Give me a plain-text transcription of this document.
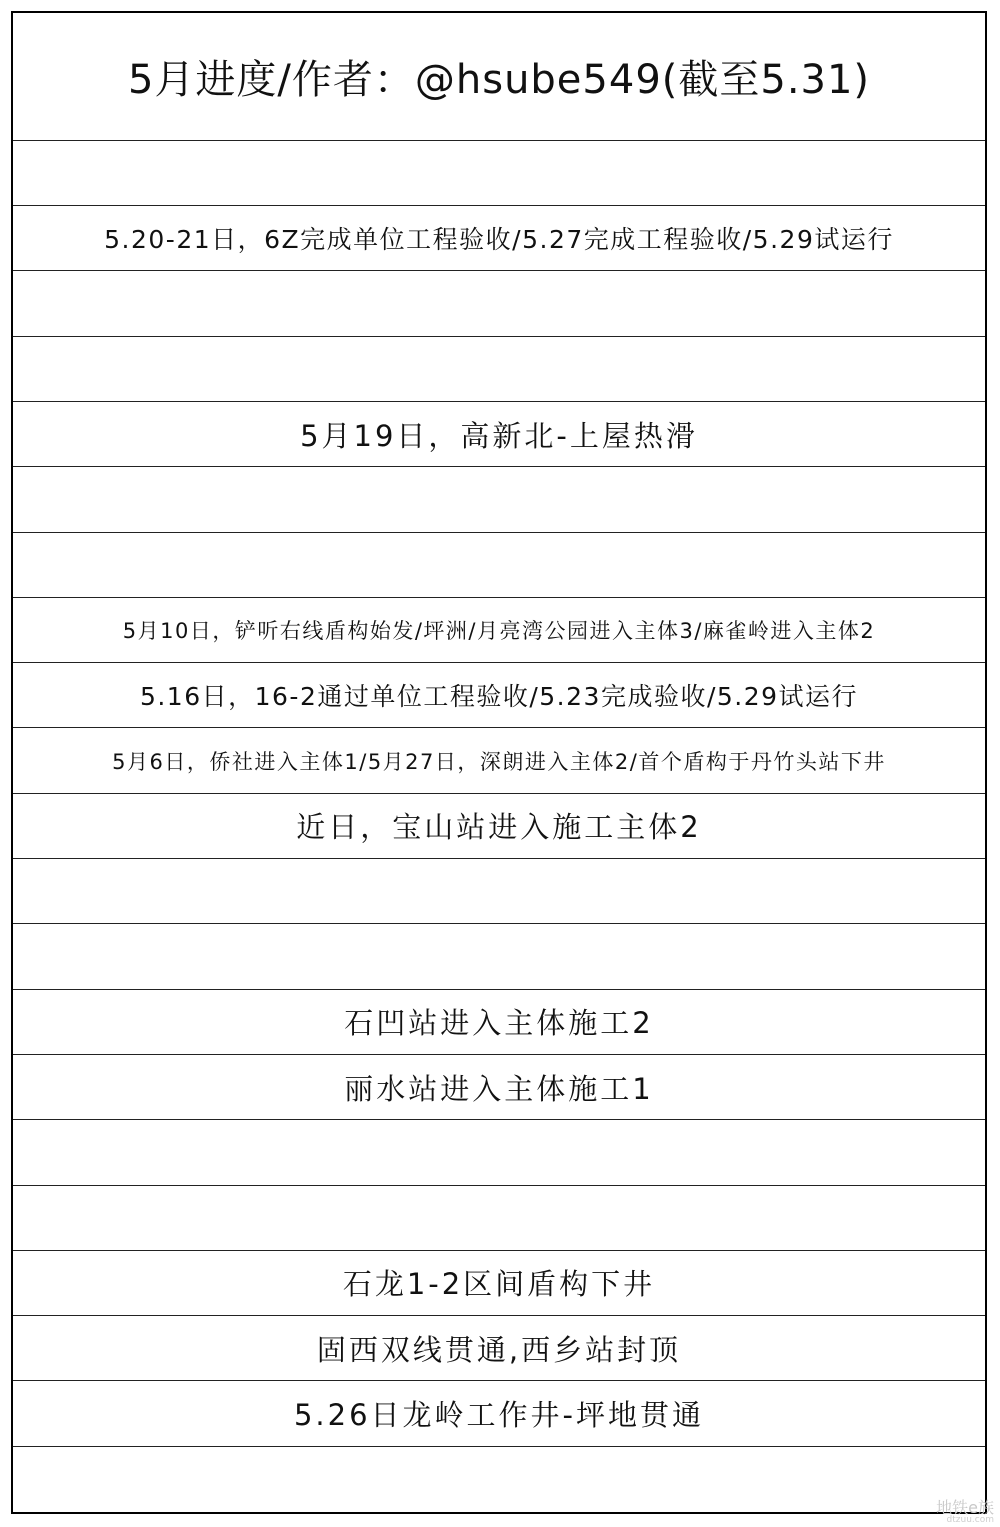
5月进度/作者：@hsube549(截至5.31)
5.20-21日，6Z完成单位工程验收/5.27完成工程验收/5.29试运行
5月19日，高新北-上屋热滑
5月10日，铲听右线盾构始发/坪洲/月亮湾公园进入主体3/麻雀岭进入主体2
5.16日，16-2通过单位工程验收/5.23完成验收/5.29试运行
5月6日，侨社进入主体1/5月27日，深朗进入主体2/首个盾构于丹竹头站下井
近日，宝山站进入施工主体2
石凹站进入主体施工2
丽水站进入主体施工1
石龙1-2区间盾构下井
固西双线贯通,西乡站封顶
5.26日龙岭工作井-坪地贯通
地铁e族
dtzuu.com
